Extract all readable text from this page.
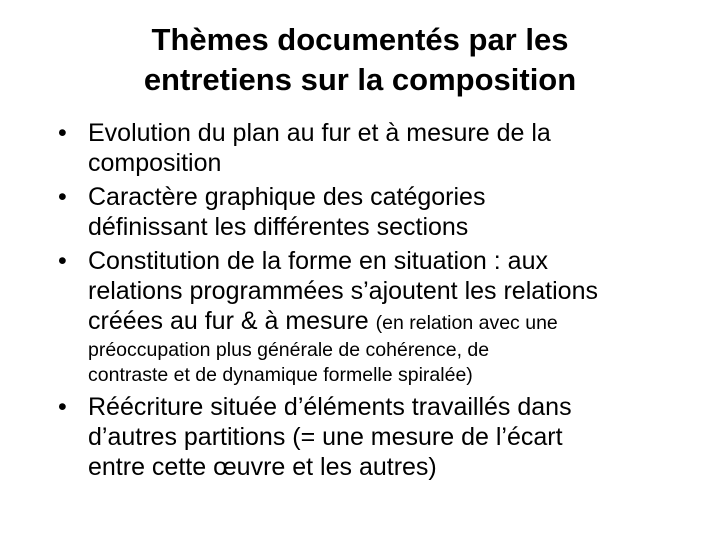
Thèmes documentés par les
entretiens sur la composition
• Evolution du plan au fur et à mesure de la
composition
• Caractère graphique des catégories
définissant les différentes sections
• Constitution de la forme en situation : aux
relations programmées s’ajoutent les relations
créées au fur & à mesure (en relation avec une
préoccupation plus générale de cohérence, de
contraste et de dynamique formelle spiralée)
• Réécriture située d’éléments travaillés dans
d’autres partitions (= une mesure de l’écart
entre cette œuvre et les autres)
